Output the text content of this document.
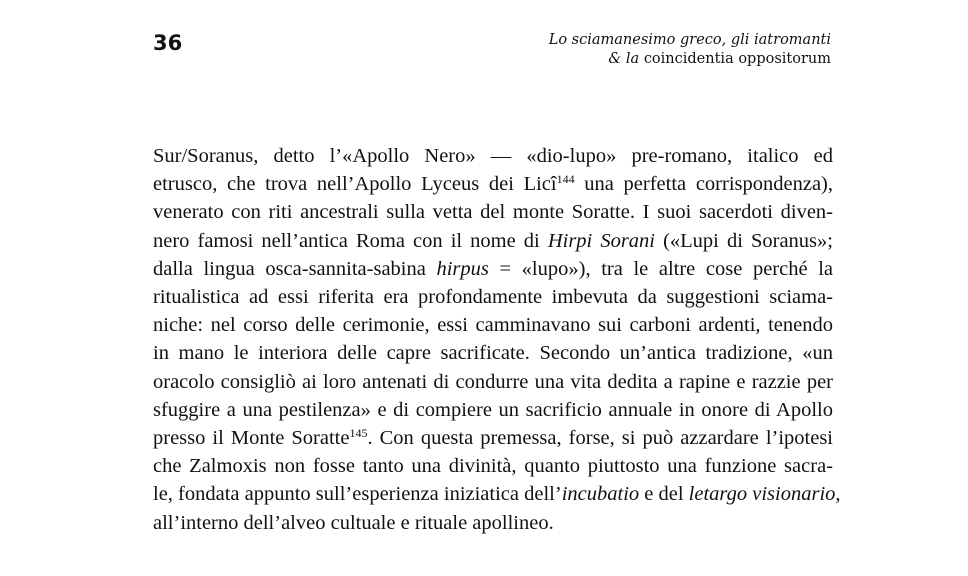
36	Lo sciamanesimo greco, gli iatromanti
& la coincidentia oppositorum
Sur/Soranus, detto l’«Apollo Nero» — «dio-lupo» pre-romano, italico ed
etrusco, che trova nell’Apollo Lyceus dei Licî$^{144}$ una perfetta corrispondenza),
venerato con riti ancestrali sulla vetta del monte Soratte. I suoi sacerdoti diven-
nero famosi nell’antica Roma con il nome di Hirpi Sorani («Lupi di Soranus»;
dalla lingua osca-sannita-sabina hirpus = «lupo»), tra le altre cose perché la
ritualistica ad essi riferita era profondamente imbevuta da suggestioni sciama-
niche: nel corso delle cerimonie, essi camminavano sui carboni ardenti, tenendo
in mano le interiora delle capre sacrificate. Secondo un’antica tradizione, «un
oracolo consigliò ai loro antenati di condurre una vita dedita a rapine e razzie per
sfuggire a una pestilenza» e di compiere un sacrificio annuale in onore di Apollo
presso il Monte Soratte$^{145}$. Con questa premessa, forse, si può azzardare l’ipotesi
che Zalmoxis non fosse tanto una divinità, quanto piuttosto una funzione sacra-
le, fondata appunto sull’esperienza iniziatica dell’incubatio e del letargo visionario,
all’interno dell’alveo cultuale e rituale apollineo.
